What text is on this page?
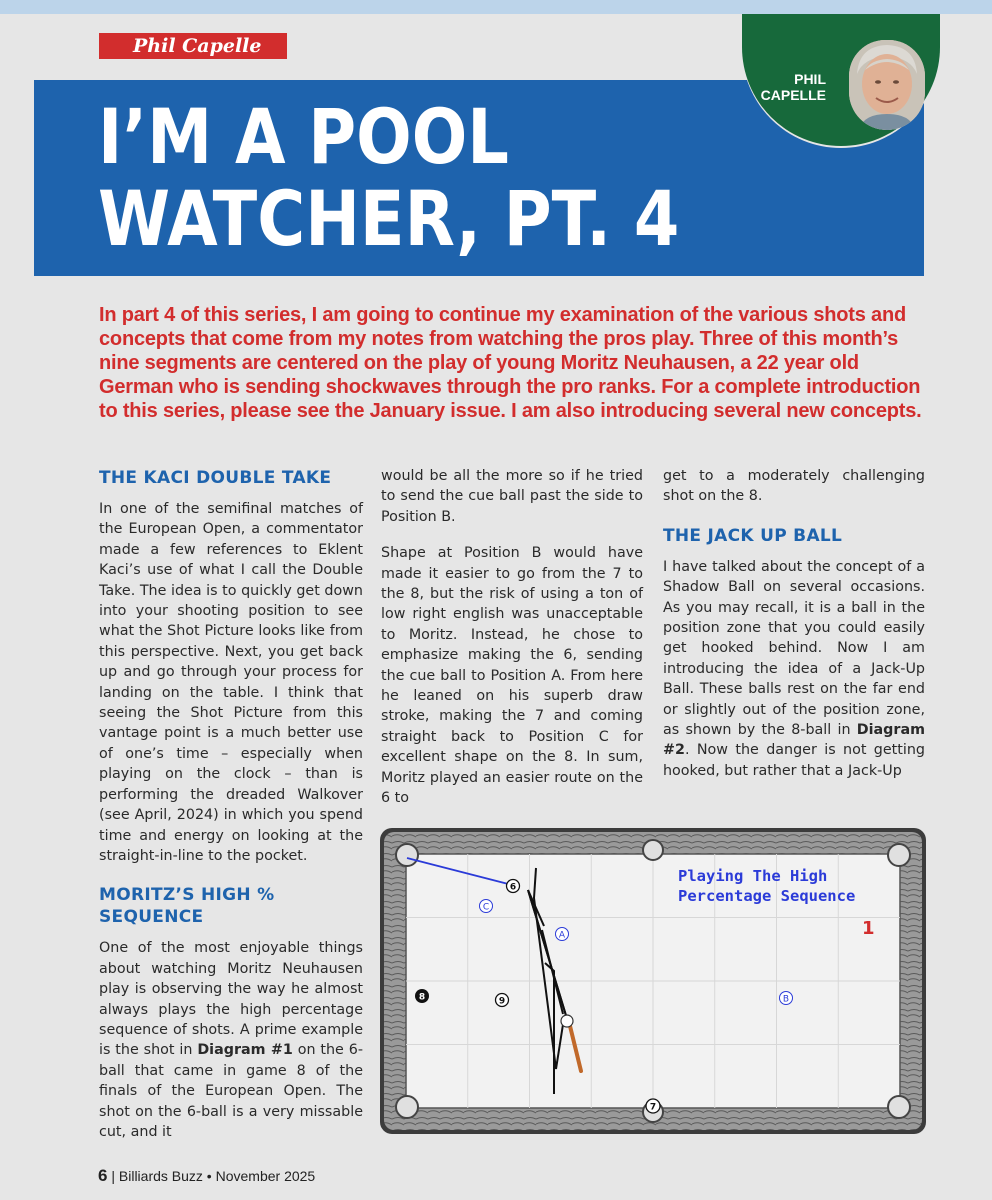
Phil Capelle
I’M A POOL
WATCHER, PT. 4
PHIL
CAPELLE
In part 4 of this series, I am going to continue my examination of the various shots and concepts that come from my notes from watching the pros play. Three of this month’s nine segments are centered on the play of young Moritz Neuhausen, a 22 year old German who is sending shockwaves through the pro ranks. For a complete introduction to this series, please see the January issue. I am also introducing several new concepts.
THE KACI DOUBLE TAKE

In one of the semifinal matches of the European Open, a commentator made a few references to Eklent Kaci’s use of what I call the Double Take. The idea is to quickly get down into your shooting position to see what the Shot Picture looks like from this perspective. Next, you get back up and go through your process for landing on the table. I think that seeing the Shot Picture from this vantage point is a much better use of one’s time – especially when playing on the clock – than is performing the dreaded Walkover (see April, 2024) in which you spend time and energy on looking at the straight-in-line to the pocket.

MORITZ’S HIGH %
SEQUENCE

One of the most enjoyable things about watching Moritz Neuhausen play is observing the way he almost always plays the high percentage sequence of shots. A prime example is the shot in Diagram #1 on the 6-ball that came in game 8 of the finals of the European Open. The shot on the 6-ball is a very missable cut, and it

would be all the more so if he tried to send the cue ball past the side to Position B.

Shape at Position B would have made it easier to go from the 7 to the 8, but the risk of using a ton of low right english was unacceptable to Moritz. Instead, he chose to emphasize making the 6, sending the cue ball to Position A. From here he leaned on his superb draw stroke, making the 7 and coming straight back to Position C for excellent shape on the 8. In sum, Moritz played an easier route on the 6 to

get to a moderately challenging shot on the 8.

THE JACK UP BALL

I have talked about the concept of a Shadow Ball on several occasions. As you may recall, it is a ball in the position zone that you could easily get hooked behind. Now I am introducing the idea of a Jack-Up Ball. These balls rest on the far end or slightly out of the position zone, as shown by the 8-ball in Diagram #2. Now the danger is not getting hooked, but rather that a Jack-Up

6
7
8	9
A
B
C
Playing The High
Percentage Sequence
1
6 | Billiards Buzz • November 2025
